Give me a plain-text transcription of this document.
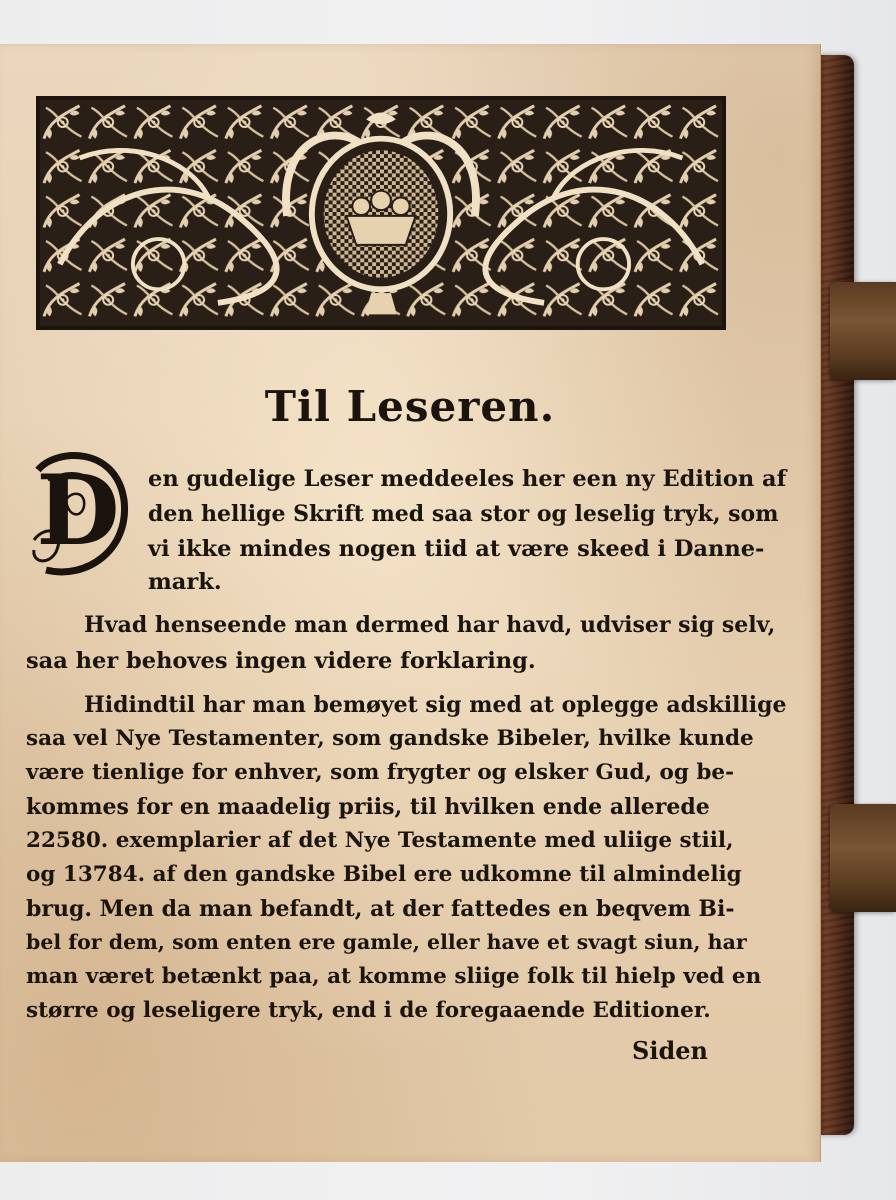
Til Leseren.
D	en gudelige Leser meddeeles her een ny Edition af
den hellige Skrift med saa stor og leselig tryk, som
vi ikke mindes nogen tiid at være skeed i Danne-
mark.
Hvad henseende man dermed har havd, udviser sig selv,
saa her behoves ingen videre forklaring.
Hidindtil har man bemøyet sig med at oplegge adskillige
saa vel Nye Testamenter, som gandske Bibeler, hvilke kunde
være tienlige for enhver, som frygter og elsker Gud, og be-
kommes for en maadelig priis, til hvilken ende allerede
22580. exemplarier af det Nye Testamente med uliige stiil,
og 13784. af den gandske Bibel ere udkomne til almindelig
brug. Men da man befandt, at der fattedes en beqvem Bi-
bel for dem, som enten ere gamle, eller have et svagt siun, har
man været betænkt paa, at komme sliige folk til hielp ved en
større og leseligere tryk, end i de foregaaende Editioner.
Siden
